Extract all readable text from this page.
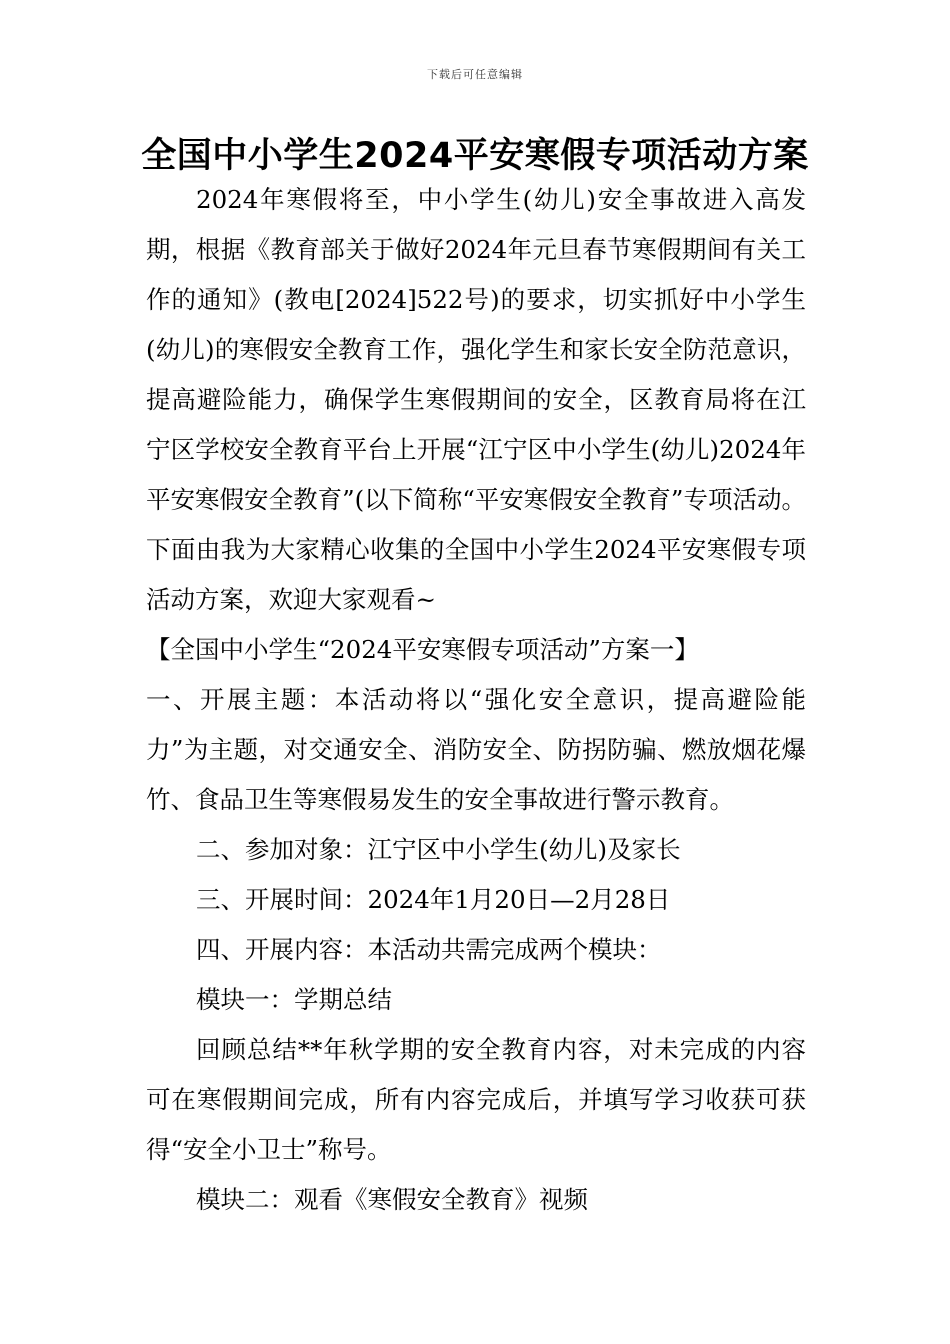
下载后可任意编辑
全国中小学生2024平安寒假专项活动方案

2024年寒假将至，中小学生(幼儿)安全事故进入高发期，根据《教育部关于做好2024年元旦春节寒假期间有关工作的通知》(教电[2024]522号)的要求，切实抓好中小学生(幼儿)的寒假安全教育工作，强化学生和家长安全防范意识，提高避险能力，确保学生寒假期间的安全，区教育局将在江宁区学校安全教育平台上开展“江宁区中小学生(幼儿)2024年平安寒假安全教育”(以下简称“平安寒假安全教育”专项活动。下面由我为大家精心收集的全国中小学生2024平安寒假专项活动方案，欢迎大家观看~

【全国中小学生“2024平安寒假专项活动”方案一】

一、开展主题：本活动将以“强化安全意识，提高避险能力”为主题，对交通安全、消防安全、防拐防骗、燃放烟花爆竹、食品卫生等寒假易发生的安全事故进行警示教育。

二、参加对象：江宁区中小学生(幼儿)及家长

三、开展时间：2024年1月20日—2月28日

四、开展内容：本活动共需完成两个模块：

模块一：学期总结

回顾总结**年秋学期的安全教育内容，对未完成的内容可在寒假期间完成，所有内容完成后，并填写学习收获可获得“安全小卫士”称号。

模块二：观看《寒假安全教育》视频
